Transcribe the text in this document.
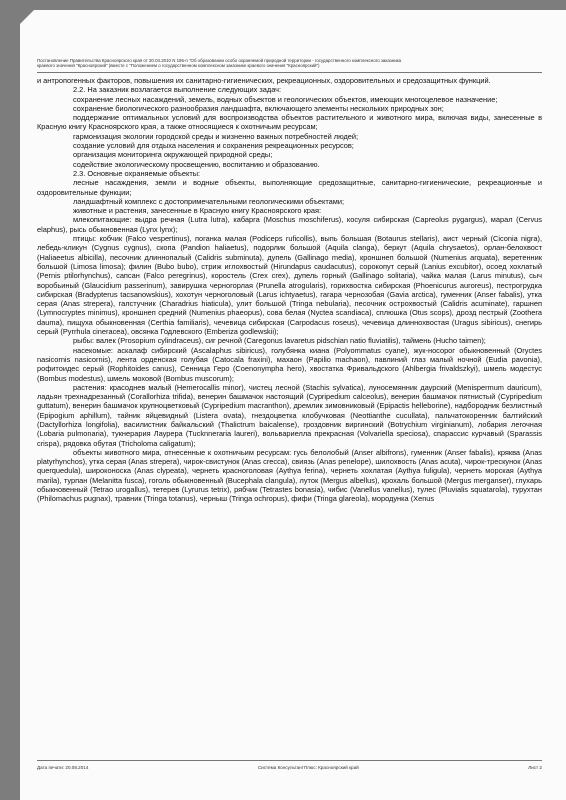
Постановление Правительства Красноярского края от 20.04.2010 N 196-п "Об образовании особо охраняемой природной территории - государственного комплексного заказника
краевого значения "Красноярский" (вместе с "Положением о государственном комплексном заказнике краевого значения "Красноярский")

и антропогенных факторов, повышения их санитарно-гигиенических, рекреационных, оздоровительных и средозащитных функций.

2.2. На заказник возлагается выполнение следующих задач:

сохранение лесных насаждений, земель, водных объектов и геологических объектов, имеющих многоцелевое назначение;

сохранение биологического разнообразия ландшафта, включающего элементы нескольких природных зон;

поддержание оптимальных условий для воспроизводства объектов растительного и животного мира, включая виды, занесенные в Красную книгу Красноярского края, а также относящиеся к охотничьим ресурсам;

гармонизация экологии городской среды и жизненно важных потребностей людей;

создание условий для отдыха населения и сохранения рекреационных ресурсов;

организация мониторинга окружающей природной среды;

содействие экологическому просвещению, воспитанию и образованию.

2.3. Основные охраняемые объекты:

лесные насаждения, земли и водные объекты, выполняющие средозащитные, санитарно-гигиенические, рекреационные и оздоровительные функции;

ландшафтный комплекс с достопримечательными геологическими объектами;

животные и растения, занесенные в Красную книгу Красноярского края:

млекопитающие: выдра речная (Lutra lutra), кабарга (Moschus moschiferus), косуля сибирская (Capreolus pygargus), марал (Cervus elaphus), рысь обыкновенная (Lynx lynx);

птицы: кобчик (Falco vespertinus), поганка малая (Podiceps ruficollis), выпь большая (Botaurus stellaris), аист черный (Ciconia nigra), лебедь-кликун (Cygnus cygnus), скопа (Pandion haliaetus), подорлик большой (Aquila clanga), беркут (Aquila chrysaetos), орлан-белохвост (Haliaeetus albicilla), песочник длиннопалый (Calidris subminuta), дупель (Gallinago media), кроншнеп большой (Numenius arquata), веретенник большой (Limosa limosa); филин (Bubo bubo), стриж иглохвостый (Hirundapus caudacutus), сорокопут серый (Lanius excubitor), осоед хохлатый (Pernis ptilorhynchus), сапсан (Falco peregrinus), коростель (Crex crex), дупель горный (Gallinago solitaria), чайка малая (Larus minutus), сыч воробьиный (Glaucidium passerinum), завирушка черногорлая (Prunella atrogularis), горихвостка сибирская (Phoenicurus auroreus), пестрогрудка сибирская (Bradypterus tacsanowskius), хохотун черноголовый (Larus ichtyaetus), гагара чернозобая (Gavia arctica), гуменник (Anser fabalis), утка серая (Anas strepera), галстучник (Charadrius hiaticula), улит большой (Tringa nebularia), песочник острохвостый (Calidris acuminate), гаршнеп (Lymnocryptes minimus), кроншнеп средний (Numenius phaeopus), сова белая (Nyctea scandiaca), сплюшка (Otus scops), дрозд пестрый (Zoothera dauma), пищуха обыкновенная (Certhia familiaris), чечевица сибирская (Carpodacus roseus), чечевица длиннохвостая (Uragus sibiricus), снегирь серый (Pyrrhula cineracea), овсянка Годлевского (Emberiza godlewskii);

рыбы: валек (Prosopium cylindraceus), сиг речной (Caregonus lavaretus pidschian natio fluviatilis), таймень (Hucho taimen);

насекомые: аскалаф сибирский (Ascalaphus sibiricus), голубянка киана (Polyommatus cyane), жук-носорог обыкновенный (Oryctes nasicornis nasicornis), лента орденская голубая (Catocala fraxini), махаон (Papilio machaon), павлиний глаз малый ночной (Eudia pavonia), рофитоидес серый (Rophitoides canus), Сенница Геро (Coenonympha hero), хвостатка Фривальдского (Ahlbergia frivaldszkyi), шмель модестус (Bombus modestus), шмель моховой (Bombus muscorum);

растения: красоднев малый (Hemerocallis minor), чистец лесной (Stachis sylvatica), луносемянник даурский (Menispermum dauricum), ладьян трехнадрезанный (Corallorhiza trifida), венерин башмачок настоящий (Cypripedium calceolus), венерин башмачок пятнистый (Cypripedium guttatum), венерин башмачок крупноцветковый (Cypripedium macranthon), дремлик зимовниковый (Epipactis helleborine), надбородник безлистный (Epipogium aphillum), тайник яйцевидный (Listera ovata), гнездоцветка клобучковая (Neottianthe cucullata), пальчатокоренник балтийский (Dactyllorhiza longifolia), василистник байкальский (Thalictrum baicalense), гроздовник виргинский (Botrychium virginianum), лобария легочная (Lobaria pulmonaria), тукнерария Лаурера (Tucknneraria laureri), вольвариелла прекрасная (Volvariella speciosa), спарассис курчавый (Sparassis crispa), рядовка обутая (Tricholoma caligatum);

объекты животного мира, отнесенные к охотничьим ресурсам: гусь белолобый (Anser albifrons), гуменник (Anser fabalis), кряква (Anas platyrhynchos), утка серая (Anas strepera), чирок-свистунок (Anas crecca), свиязь (Anas penelope), шилохвость (Anas acuta), чирок-трескунок (Anas querquedula), широконоска (Anas clypeata), чернеть красноголовая (Aythya ferina), чернеть хохлатая (Aythya fuligula), чернеть морская (Aythya marila), турпан (Melanitta fusca), гоголь обыкновенный (Bucephala clangula), луток (Mergus albellus), крохаль большой (Mergus merganser), глухарь обыкновенный (Tetrao urogallus), тетерев (Lyrurus tetrix), рябчик (Tetrastes bonasia), чибис (Vanellus vanellus), тулес (Pluvialis squatarola), турухтан (Philomachus pugnax), травник (Tringa totanus), черныш (Tringa ochropus), фифи (Tringa glareola), мородунка (Xenus

Дата печати: 20.08.2014	Система КонсультантПлюс: Красноярский край	Лист 2
